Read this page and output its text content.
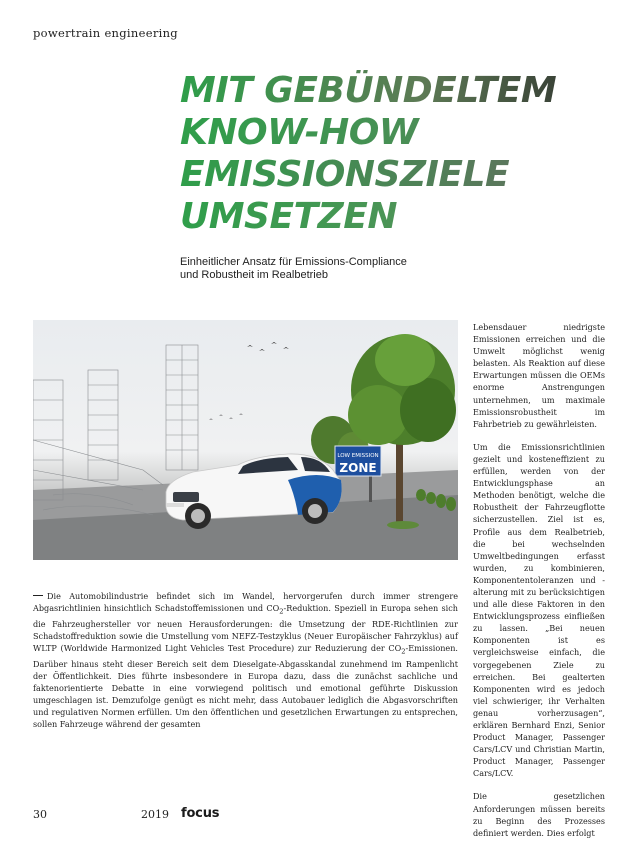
powertrain engineering
MIT GEBÜNDELTEM
KNOW-HOW
EMISSIONSZIELE
UMSETZEN
Einheitlicher Ansatz für Emissions-Compliance
und Robustheit im Realbetrieb
LOW EMISSION
ZONE

Lebensdauer niedrigste Emissionen erreichen und die Umwelt möglichst wenig belasten. Als Reaktion auf diese Erwartungen müssen die OEMs enorme Anstrengungen unternehmen, um maximale Emissionsrobustheit im Fahrbetrieb zu gewährleisten.

Um die Emissionsrichtlinien gezielt und kosteneffizient zu erfüllen, werden von der Entwicklungsphase an Methoden benötigt, welche die Robustheit der Fahrzeugflotte sicherzustellen. Ziel ist es, Profile aus dem Realbetrieb, die bei wechselnden Umweltbedingungen erfasst wurden, zu kombinieren, Komponententoleranzen und -alterung mit zu berücksichtigen und alle diese Faktoren in den Entwicklungsprozess einfließen zu lassen. „Bei neuen Komponenten ist es vergleichsweise einfach, die vorgegebenen Ziele zu erreichen. Bei gealterten Komponenten wird es jedoch viel schwieriger, ihr Verhalten genau vorherzusagen“, erklären Bernhard Enzi, Senior Product Manager, Passenger Cars/LCV und Christian Martin, Product Manager, Passenger Cars/LCV.

Die gesetzlichen Anforderungen müssen bereits zu Beginn des Prozesses definiert werden. Dies erfolgt

Die Automobilindustrie befindet sich im Wandel, hervorgerufen durch immer strengere Abgasrichtlinien hinsichtlich Schadstoffemissionen und $CO_2$-Reduktion. Speziell in Europa sehen sich die Fahrzeughersteller vor neuen Herausforderungen: die Umsetzung der RDE-Richtlinien zur Schadstoffreduktion sowie die Umstellung vom NEFZ-Testzyklus (Neuer Europäischer Fahrzyklus) auf WLTP (Worldwide Harmonized Light Vehicles Test Procedure) zur Reduzierung der $CO_2$-Emissionen. Darüber hinaus steht dieser Bereich seit dem Dieselgate-Abgasskandal zunehmend im Rampenlicht der Öffentlichkeit. Dies führte insbesondere in Europa dazu, dass die zunächst sachliche und faktenorientierte Debatte in eine vorwiegend politisch und emotional geführte Diskussion umgeschlagen ist. Demzufolge genügt es nicht mehr, dass Autobauer lediglich die Abgasvorschriften und regulativen Normen erfüllen. Um den öffentlichen und gesetzlichen Erwartungen zu entsprechen, sollen Fahrzeuge während der gesamten

30	2019 focus
